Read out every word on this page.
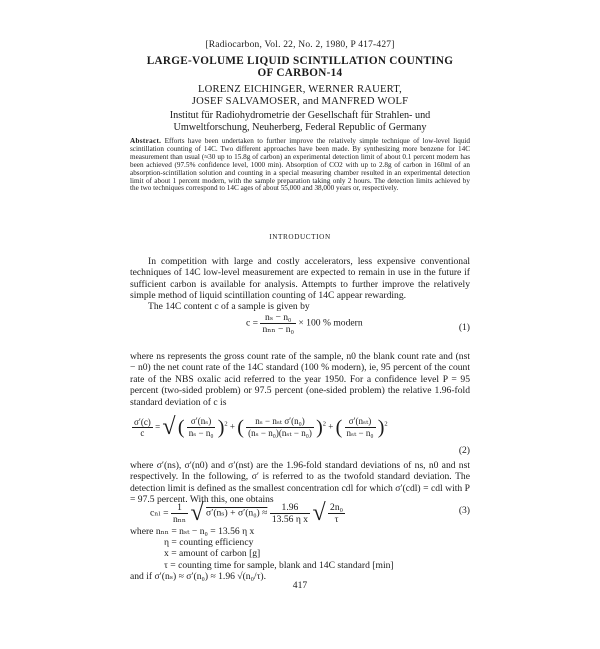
[Radiocarbon, Vol. 22, No. 2, 1980, P 417-427]
LARGE-VOLUME LIQUID SCINTILLATION COUNTING
OF CARBON-14
LORENZ EICHINGER, WERNER RAUERT,
JOSEF SALVAMOSER, and MANFRED WOLF
Institut für Radiohydrometrie der Gesellschaft für Strahlen- und
Umweltforschung, Neuherberg, Federal Republic of Germany
Abstract. Efforts have been undertaken to further improve the relatively simple technique of low-level liquid scintillation counting of 14C. Two different approaches have been made. By synthesizing more benzene for 14C measurement than usual (≈30 up to 15.8g of carbon) an experimental detection limit of about 0.1 percent modern has been achieved (97.5% confidence level, 1000 min). Absorption of CO2 with up to 2.8g of carbon in 160ml of an absorption-scintillation solution and counting in a special measuring chamber resulted in an experimental detection limit of about 1 percent modern, with the sample preparation taking only 2 hours. The detection limits achieved by the two techniques correspond to 14C ages of about 55,000 and 38,000 years or, respectively.
INTRODUCTION
In competition with large and costly accelerators, less expensive conventional techniques of 14C low-level measurement are expected to remain in use in the future if sufficient carbon is available for analysis. Attempts to further improve the relatively simple method of liquid scintillation counting of 14C appear rewarding.
The 14C content c of a sample is given by
$c = \frac{\text{nₛ − n₀}}{\text{nₙₙ − n₀}} \times 100$ % modern	(1)
where ns represents the gross count rate of the sample, n0 the blank count rate and (nst − n0) the net count rate of the 14C standard (100 % modern), ie, 95 percent of the count rate of the NBS oxalic acid referred to the year 1950. For a confidence level P = 95 percent (two-sided problem) or 97.5 percent (one-sided problem) the relative 1.96-fold standard deviation of c is
$\frac{\sigma'(c)}{c}$ = √ ( $\frac{\text{σ′(nₛ)}}{\text{nₛ − n₀}} )^2$ + ( $\frac{\text{nₛ − nₛₜ σ′(n₀)}}{\text{(nₛ − n₀)(nₛₜ − n₀)}} )^2$ + ( $\frac{\text{σ′(nₛₜ)}}{\text{nₛₜ − n₀}} )^2$
(2)
where σ′(ns), σ′(n0) and σ′(nst) are the 1.96-fold standard deviations of ns, n0 and nst respectively. In the following, σ′ is referred to as the twofold standard deviation. The detection limit is defined as the smallest concentration cdl for which σ′(cdl) = cdl with P = 97.5 percent. With this, one obtains
$c_{nl} = \frac{1}{\text{nₙₙ}}$ √ $\sigma'(n_s) + \sigma'(n_0) \approx \frac{1.96}{\text{13.56 η x}}$ √ $\frac{\text{2n₀}}{\tau}$	(3)
where nₙₙ = nₛₜ − n₀ = 13.56 η x
η = counting efficiency
x = amount of carbon [g]
τ = counting time for sample, blank and 14C standard [min]
and if σ′(nₛ) ≈ σ′(n₀) ≈ 1.96 √(n₀/τ).
417
